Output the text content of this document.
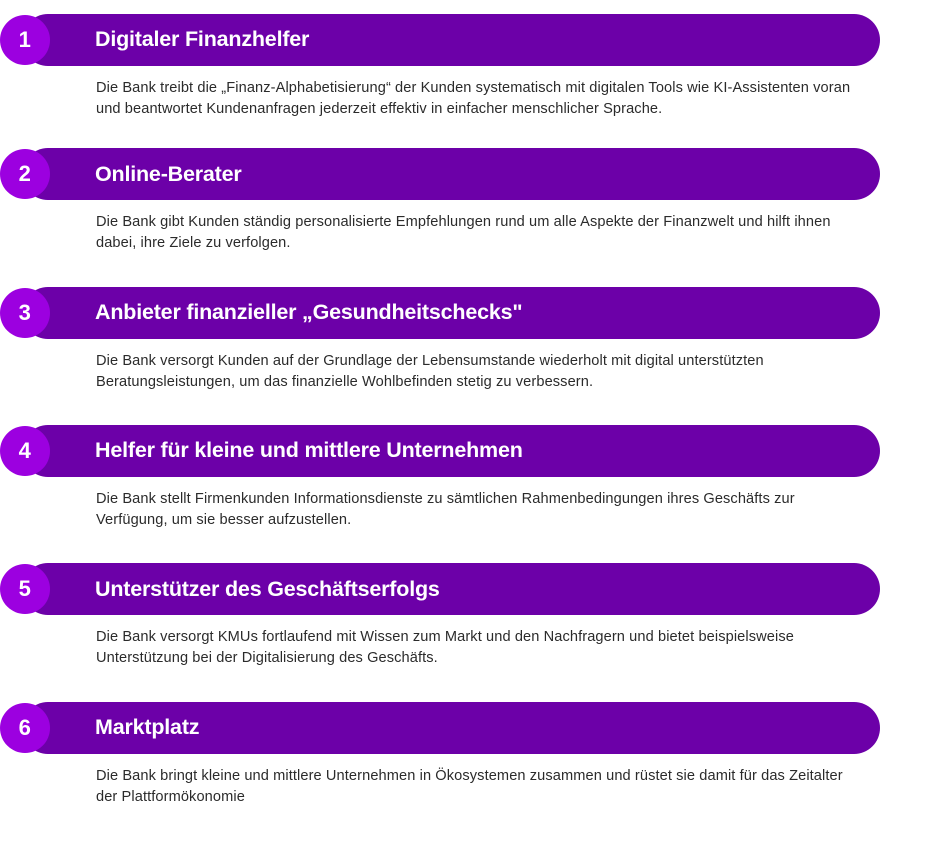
1	Digitaler Finanzhelfer
Die Bank treibt die „Finanz-Alphabetisierung“ der Kunden systematisch mit digitalen Tools wie KI-Assistenten voran und beantwortet Kundenanfragen jederzeit effektiv in einfacher menschlicher Sprache.
2	Online-Berater
Die Bank gibt Kunden ständig personalisierte Empfehlungen rund um alle Aspekte der Finanzwelt und hilft ihnen dabei, ihre Ziele zu verfolgen.
3	Anbieter finanzieller „Gesundheitschecks"
Die Bank versorgt Kunden auf der Grundlage der Lebensumstande wiederholt mit digital unterstützten Beratungsleistungen, um das finanzielle Wohlbefinden stetig zu verbessern.
4	Helfer für kleine und mittlere Unternehmen
Die Bank stellt Firmenkunden Informationsdienste zu sämtlichen Rahmenbedingungen ihres Geschäfts zur Verfügung, um sie besser aufzustellen.
5	Unterstützer des Geschäftserfolgs
Die Bank versorgt KMUs fortlaufend mit Wissen zum Markt und den Nachfragern und bietet beispielsweise Unterstützung bei der Digitalisierung des Geschäfts.
6	Marktplatz
Die Bank bringt kleine und mittlere Unternehmen in Ökosystemen zusammen und rüstet sie damit für das Zeitalter der Plattformökonomie
